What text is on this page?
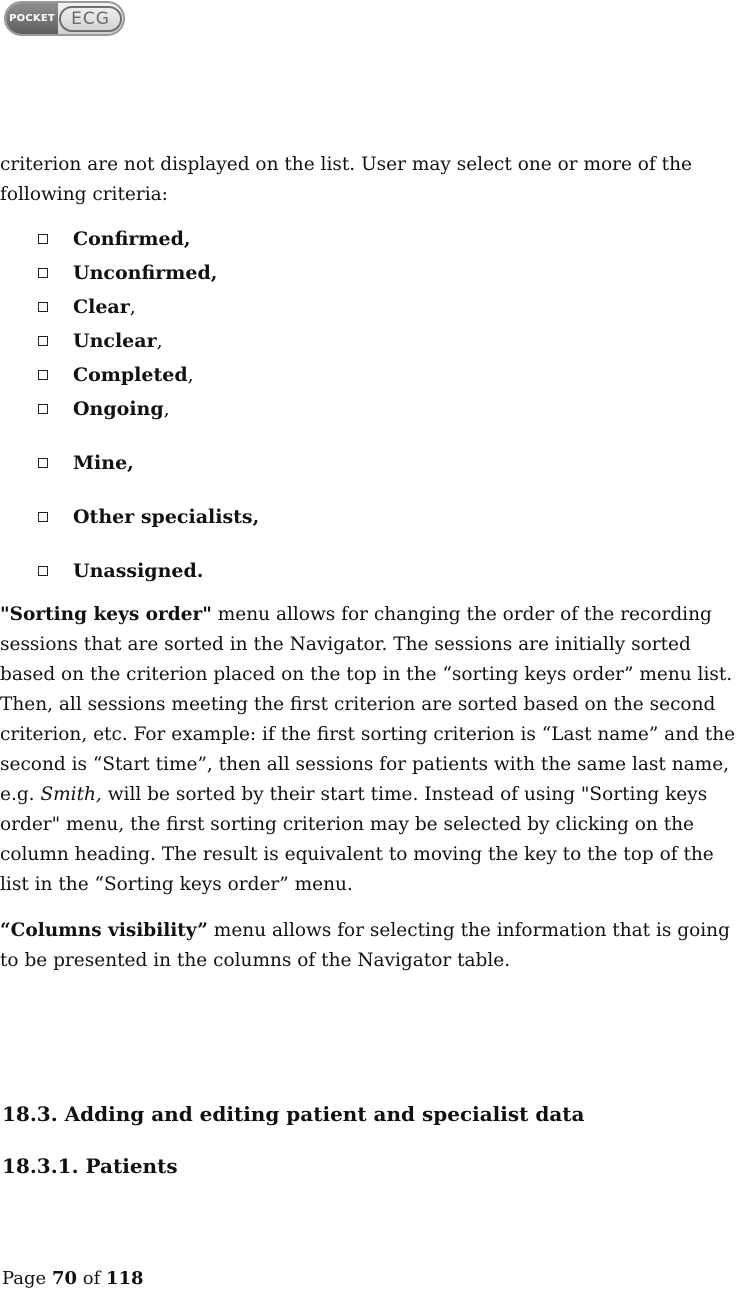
POCKET ECG

criterion are not displayed on the list. User may select one or more of the following criteria:

Confirmed,
Unconfirmed,
Clear,
Unclear,
Completed,
Ongoing,
Mine,
Other specialists,
Unassigned.

"Sorting keys order" menu allows for changing the order of the recording sessions that are sorted in the Navigator. The sessions are initially sorted based on the criterion placed on the top in the “sorting keys order” menu list. Then, all sessions meeting the first criterion are sorted based on the second criterion, etc. For example: if the first sorting criterion is “Last name” and the second is “Start time”, then all sessions for patients with the same last name, e.g. Smith, will be sorted by their start time. Instead of using "Sorting keys order" menu, the first sorting criterion may be selected by clicking on the column heading. The result is equivalent to moving the key to the top of the list in the “Sorting keys order” menu.

“Columns visibility” menu allows for selecting the information that is going to be presented in the columns of the Navigator table.

18.3. Adding and editing patient and specialist data
18.3.1. Patients
Page 70 of 118
